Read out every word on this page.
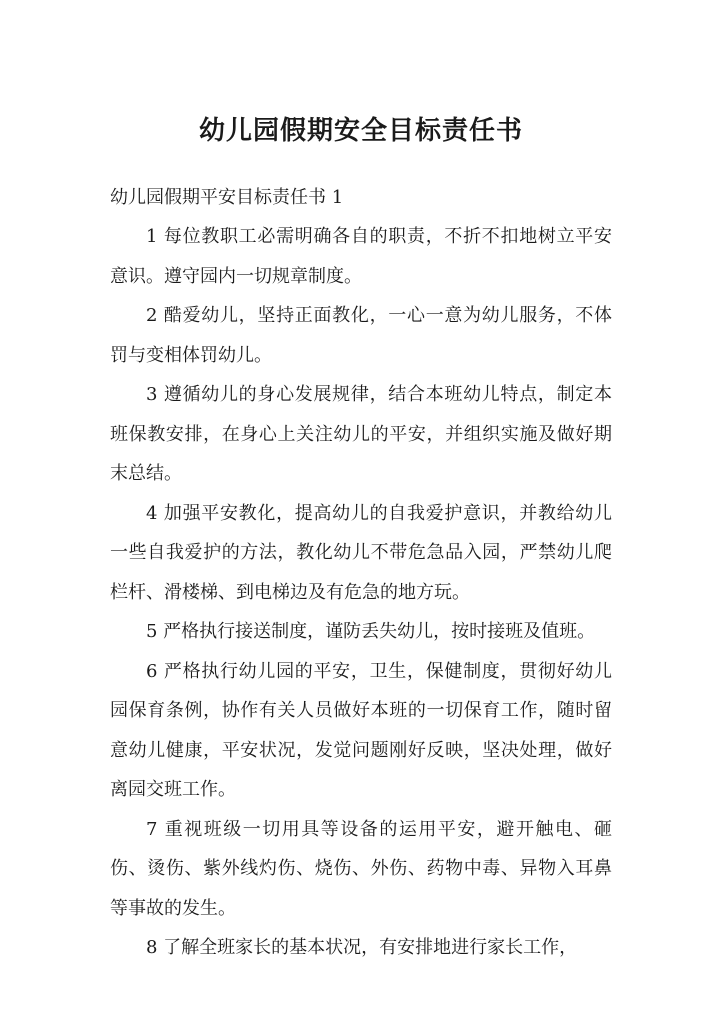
幼儿园假期安全目标责任书

幼儿园假期平安目标责任书 1

1 每位教职工必需明确各自的职责，不折不扣地树立平安意识。遵守园内一切规章制度。

2 酷爱幼儿，坚持正面教化，一心一意为幼儿服务，不体罚与变相体罚幼儿。

3 遵循幼儿的身心发展规律，结合本班幼儿特点，制定本班保教安排，在身心上关注幼儿的平安，并组织实施及做好期末总结。

4 加强平安教化，提高幼儿的自我爱护意识，并教给幼儿一些自我爱护的方法，教化幼儿不带危急品入园，严禁幼儿爬栏杆、滑楼梯、到电梯边及有危急的地方玩。

5 严格执行接送制度，谨防丢失幼儿，按时接班及值班。

6 严格执行幼儿园的平安，卫生，保健制度，贯彻好幼儿园保育条例，协作有关人员做好本班的一切保育工作，随时留意幼儿健康，平安状况，发觉问题刚好反映，坚决处理，做好离园交班工作。

7 重视班级一切用具等设备的运用平安，避开触电、砸伤、烫伤、紫外线灼伤、烧伤、外伤、药物中毒、异物入耳鼻等事故的发生。

8 了解全班家长的基本状况，有安排地进行家长工作，
